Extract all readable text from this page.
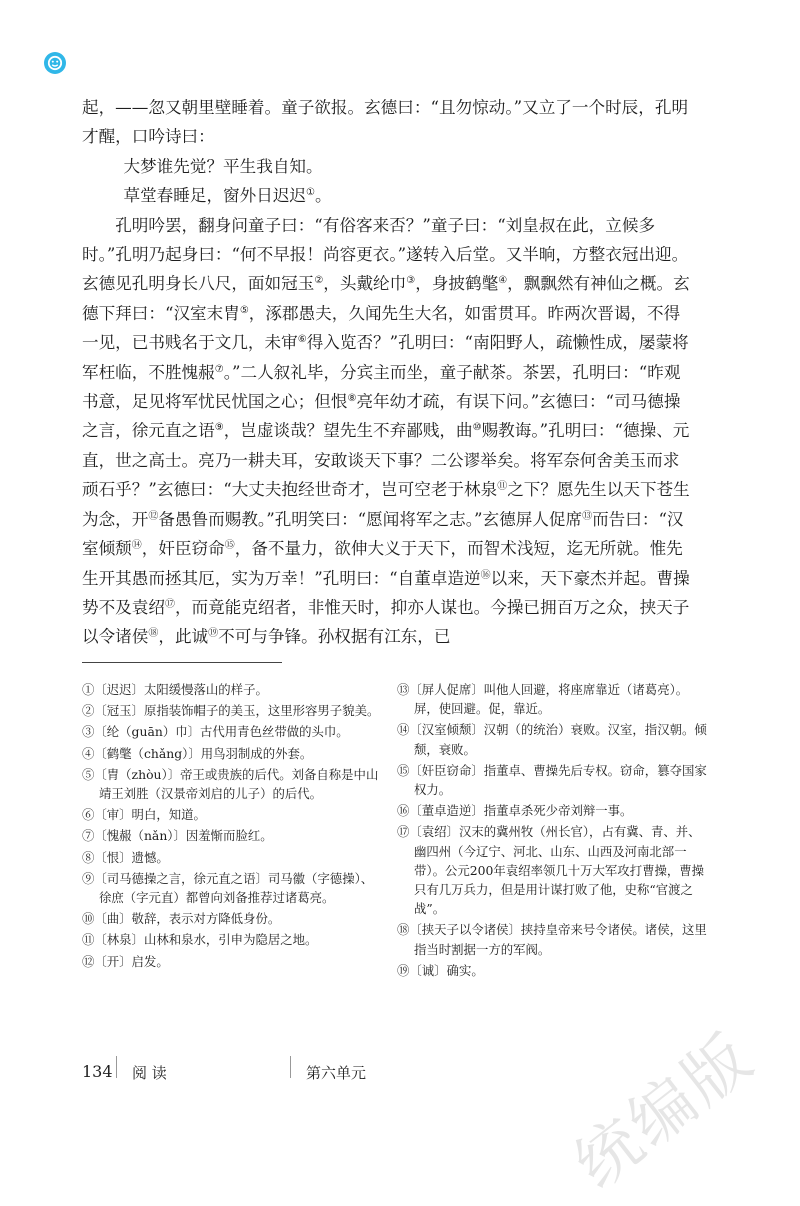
起，——忽又朝里壁睡着。童子欲报。玄德曰：“且勿惊动。”又立了一个时辰，孔明才醒，口吟诗曰：

大梦谁先觉？平生我自知。

草堂春睡足，窗外日迟迟①。

孔明吟罢，翻身问童子曰：“有俗客来否？”童子曰：“刘皇叔在此，立候多时。”孔明乃起身曰：“何不早报！尚容更衣。”遂转入后堂。又半晌，方整衣冠出迎。玄德见孔明身长八尺，面如冠玉②，头戴纶巾③，身披鹤氅④，飘飘然有神仙之概。玄德下拜曰：“汉室末胄⑤，涿郡愚夫，久闻先生大名，如雷贯耳。昨两次晋谒，不得一见，已书贱名于文几，未审⑥得入览否？”孔明曰：“南阳野人，疏懒性成，屡蒙将军枉临，不胜愧赧⑦。”二人叙礼毕，分宾主而坐，童子献茶。茶罢，孔明曰：“昨观书意，足见将军忧民忧国之心；但恨⑧亮年幼才疏，有误下问。”玄德曰：“司马德操之言，徐元直之语⑨，岂虚谈哉？望先生不弃鄙贱，曲⑩赐教诲。”孔明曰：“德操、元直，世之高士。亮乃一耕夫耳，安敢谈天下事？二公谬举矣。将军奈何舍美玉而求顽石乎？”玄德曰：“大丈夫抱经世奇才，岂可空老于林泉⑪之下？愿先生以天下苍生为念，开⑫备愚鲁而赐教。”孔明笑曰：“愿闻将军之志。”玄德屏人促席⑬而告曰：“汉室倾颓⑭，奸臣窃命⑮，备不量力，欲伸大义于天下，而智术浅短，迄无所就。惟先生开其愚而拯其厄，实为万幸！”孔明曰：“自董卓造逆⑯以来，天下豪杰并起。曹操势不及袁绍⑰，而竟能克绍者，非惟天时，抑亦人谋也。今操已拥百万之众，挟天子以令诸侯⑱，此诚⑲不可与争锋。孙权据有江东，已

①〔迟迟〕太阳缓慢落山的样子。
②〔冠玉〕原指装饰帽子的美玉，这里形容男子貌美。
③〔纶（guān）巾〕古代用青色丝带做的头巾。
④〔鹤氅（chǎng）〕用鸟羽制成的外套。
⑤〔胄（zhòu）〕帝王或贵族的后代。刘备自称是中山靖王刘胜（汉景帝刘启的儿子）的后代。
⑥〔审〕明白，知道。
⑦〔愧赧（nǎn）〕因羞惭而脸红。
⑧〔恨〕遗憾。
⑨〔司马德操之言，徐元直之语〕司马徽（字德操）、徐庶（字元直）都曾向刘备推荐过诸葛亮。
⑩〔曲〕敬辞，表示对方降低身份。
⑪〔林泉〕山林和泉水，引申为隐居之地。
⑫〔开〕启发。
⑬〔屏人促席〕叫他人回避，将座席靠近（诸葛亮）。屏，使回避。促，靠近。
⑭〔汉室倾颓〕汉朝（的统治）衰败。汉室，指汉朝。倾颓，衰败。
⑮〔奸臣窃命〕指董卓、曹操先后专权。窃命，篡夺国家权力。
⑯〔董卓造逆〕指董卓杀死少帝刘辩一事。
⑰〔袁绍〕汉末的冀州牧（州长官），占有冀、青、并、幽四州（今辽宁、河北、山东、山西及河南北部一带）。公元200年袁绍率领几十万大军攻打曹操，曹操只有几万兵力，但是用计谋打败了他，史称“官渡之战”。
⑱〔挟天子以令诸侯〕挟持皇帝来号令诸侯。诸侯，这里指当时割据一方的军阀。
⑲〔诚〕确实。
134 阅 读	第六单元	统编版
